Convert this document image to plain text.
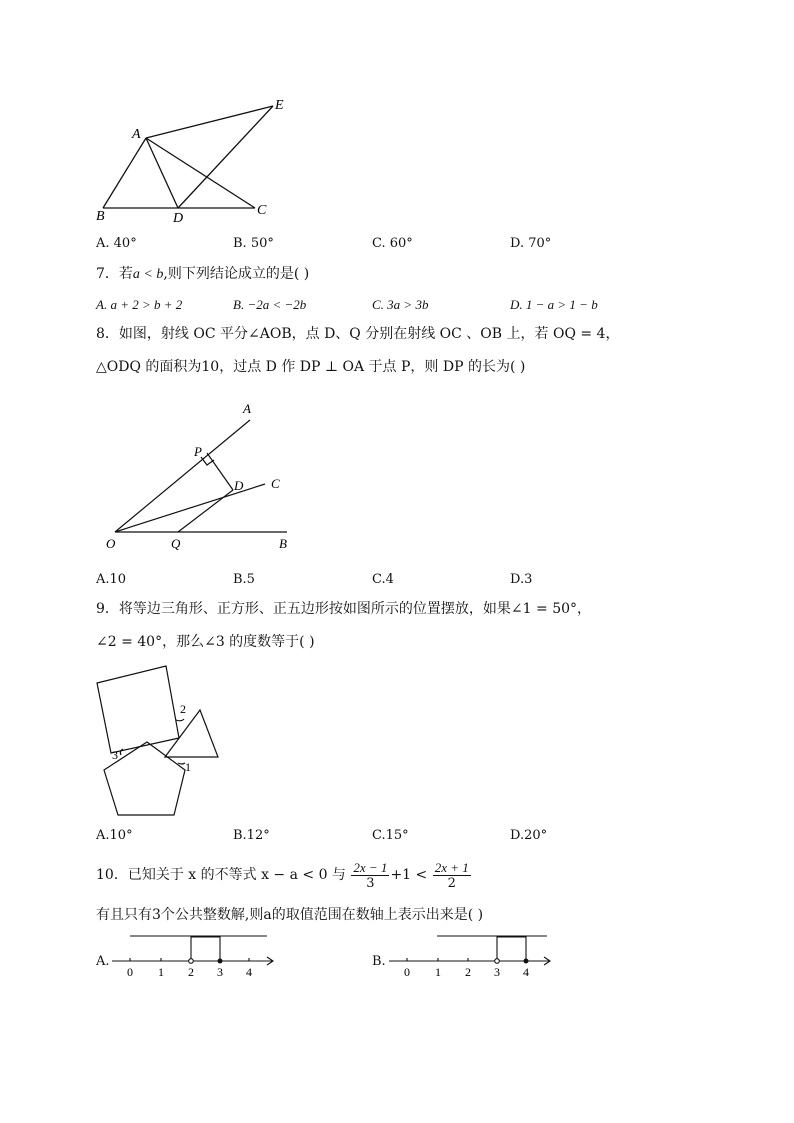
A
B	C
D
E
A. 40°	B. 50°	C. 60°	D. 70°
7．若a < b,则下列结论成立的是( )
A. a + 2 > b + 2	B. −2a < −2b	C. 3a > 3b	D. 1 − a > 1 − b
8．如图，射线 OC 平分∠AOB，点 D、Q 分别在射线 OC 、OB 上，若 OQ = 4，
△ODQ 的面积为10，过点 D 作 DP ⊥ OA 于点 P，则 DP 的长为( )
A
P
D C
O	Q	B
A.10	B.5	C.4	D.3
9．将等边三角形、正方形、正五边形按如图所示的位置摆放，如果∠1 = 50°，
∠2 = 40°，那么∠3 的度数等于( )
3
2
1
A.10°	B.12°	C.15°	D.20°
10．已知关于 x 的不等式 x − a < 0 与 $\frac{2x - 1}{3} +1 < \frac{2x + 1}{2}$
有且只有3个公共整数解,则a的取值范围在数轴上表示出来是( )
A.
0 1 2 3 4
B.
0 1 2 3 4
